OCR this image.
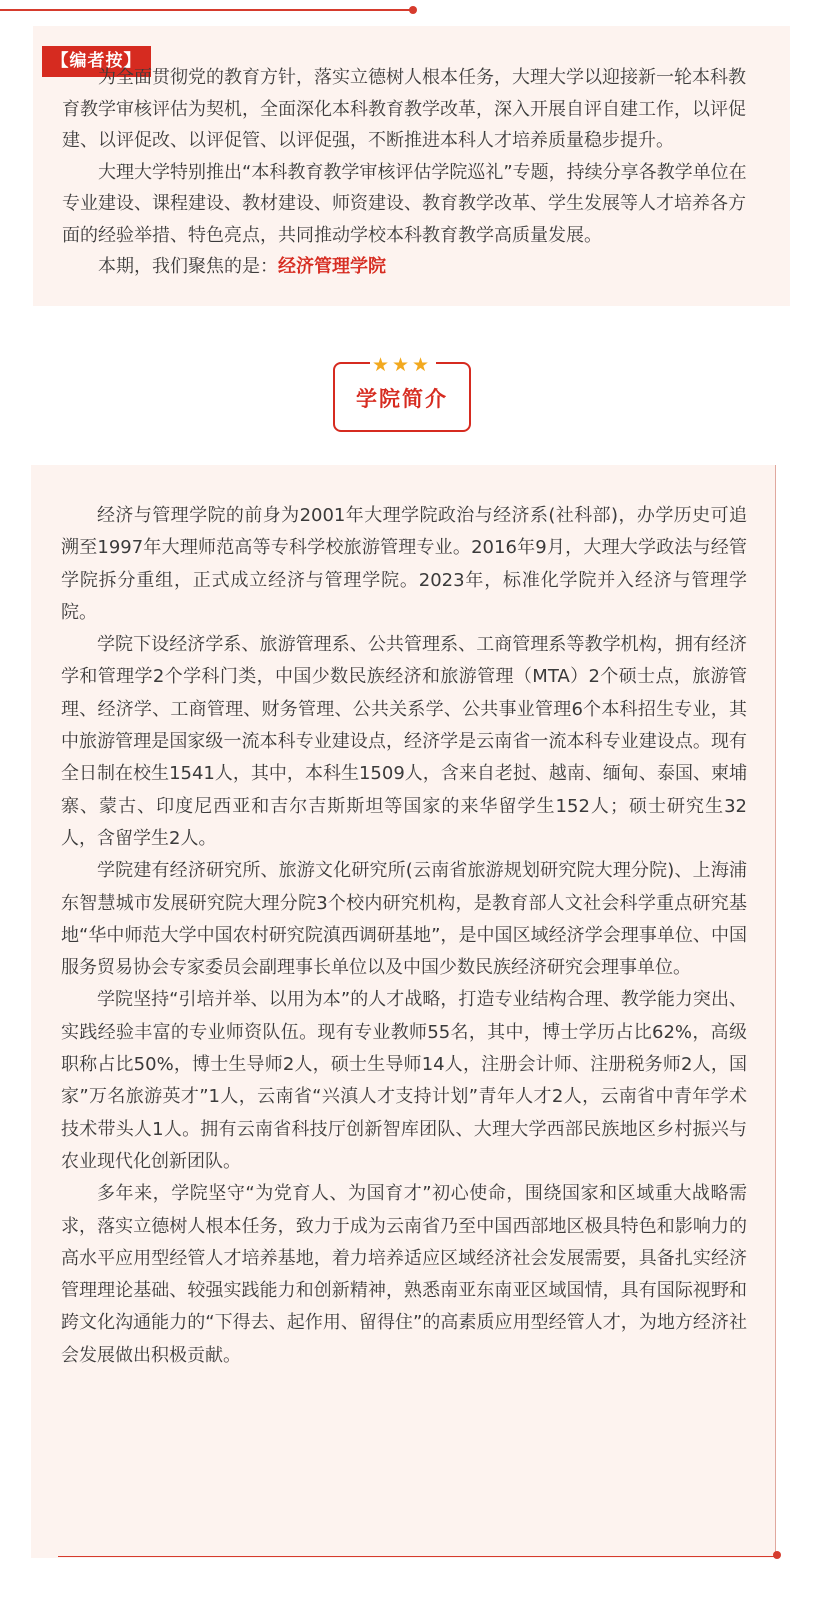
【编者按】

为全面贯彻党的教育方针，落实立德树人根本任务，大理大学以迎接新一轮本科教育教学审核评估为契机，全面深化本科教育教学改革，深入开展自评自建工作，以评促建、以评促改、以评促管、以评促强，不断推进本科人才培养质量稳步提升。

大理大学特别推出“本科教育教学审核评估学院巡礼”专题，持续分享各教学单位在专业建设、课程建设、教材建设、师资建设、教育教学改革、学生发展等人才培养各方面的经验举措、特色亮点，共同推动学校本科教育教学高质量发展。

本期，我们聚焦的是：经济管理学院

★★★
学院简介

经济与管理学院的前身为2001年大理学院政治与经济系(社科部)，办学历史可追溯至1997年大理师范高等专科学校旅游管理专业。2016年9月，大理大学政法与经管学院拆分重组，正式成立经济与管理学院。2023年，标准化学院并入经济与管理学院。

学院下设经济学系、旅游管理系、公共管理系、工商管理系等教学机构，拥有经济学和管理学2个学科门类，中国少数民族经济和旅游管理（MTA）2个硕士点，旅游管理、经济学、工商管理、财务管理、公共关系学、公共事业管理6个本科招生专业，其中旅游管理是国家级一流本科专业建设点，经济学是云南省一流本科专业建设点。现有全日制在校生1541人，其中，本科生1509人，含来自老挝、越南、缅甸、泰国、柬埔寨、蒙古、印度尼西亚和吉尔吉斯斯坦等国家的来华留学生152人；硕士研究生32人，含留学生2人。

学院建有经济研究所、旅游文化研究所(云南省旅游规划研究院大理分院)、上海浦东智慧城市发展研究院大理分院3个校内研究机构，是教育部人文社会科学重点研究基地“华中师范大学中国农村研究院滇西调研基地”，是中国区域经济学会理事单位、中国服务贸易协会专家委员会副理事长单位以及中国少数民族经济研究会理事单位。

学院坚持“引培并举、以用为本”的人才战略，打造专业结构合理、教学能力突出、实践经验丰富的专业师资队伍。现有专业教师55名，其中，博士学历占比62%，高级职称占比50%，博士生导师2人，硕士生导师14人，注册会计师、注册税务师2人，国家”万名旅游英才”1人，云南省“兴滇人才支持计划”青年人才2人，云南省中青年学术技术带头人1人。拥有云南省科技厅创新智库团队、大理大学西部民族地区乡村振兴与农业现代化创新团队。

多年来，学院坚守“为党育人、为国育才”初心使命，围绕国家和区域重大战略需求，落实立德树人根本任务，致力于成为云南省乃至中国西部地区极具特色和影响力的高水平应用型经管人才培养基地，着力培养适应区域经济社会发展需要，具备扎实经济管理理论基础、较强实践能力和创新精神，熟悉南亚东南亚区域国情，具有国际视野和跨文化沟通能力的“下得去、起作用、留得住”的高素质应用型经管人才，为地方经济社会发展做出积极贡献。
